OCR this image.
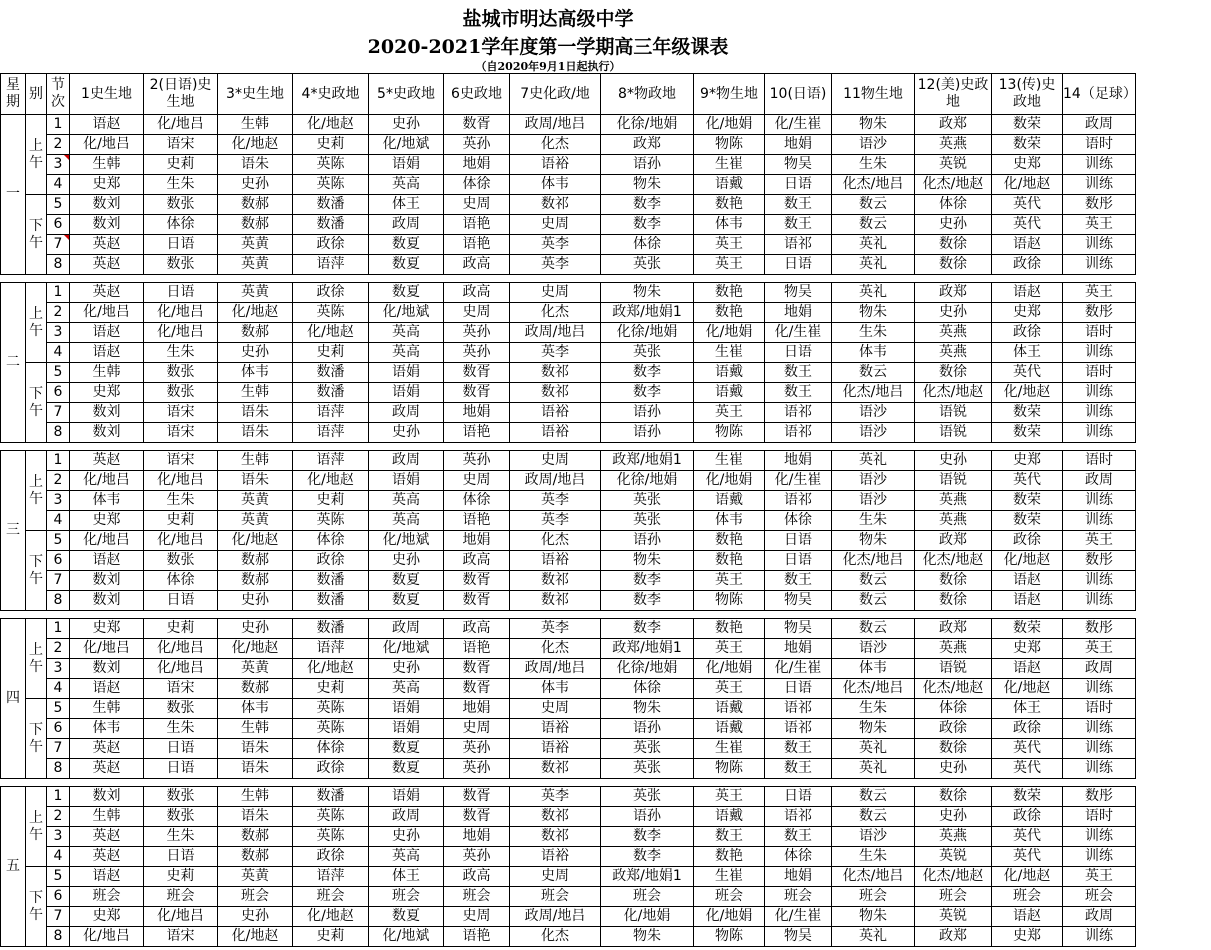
盐城市明达高级中学
2020-2021学年度第一学期高三年级课表
（自2020年9月1日起执行）
星期	别	节次	1史生地	2(日语)史生地	3*史生地	4*史政地	5*史政地	6史政地	7史化政/地	8*物政地	9*物生地	10(日语)	11物生地	12(美)史政地	13(传)史政地	14（足球）
一	上午	1	语赵	化/地吕	生韩	化/地赵	史孙	数胥	政周/地吕	化徐/地娟	化/地娟	化/生崔	物朱	政郑	数荣	政周
		2	化/地吕	语宋	化/地赵	史莉	化/地斌	英孙	化杰	政郑	物陈	地娟	语沙	英燕	数荣	语时
		3	生韩	史莉	语朱	英陈	语娟	地娟	语裕	语孙	生崔	物吴	生朱	英锐	史郑	训练
		4	史郑	生朱	史孙	英陈	英高	体徐	体韦	物朱	语戴	日语	化杰/地吕	化杰/地赵	化/地赵	训练
	下午	5	数刘	数张	数郝	数潘	体王	史周	数祁	数李	数艳	数王	数云	体徐	英代	数彤
		6	数刘	体徐	数郝	数潘	政周	语艳	史周	数李	体韦	数王	数云	史孙	英代	英王
		7	英赵	日语	英黄	政徐	数夏	语艳	英李	体徐	英王	语祁	英礼	数徐	语赵	训练
		8	英赵	数张	英黄	语萍	数夏	政高	英李	英张	英王	日语	英礼	数徐	政徐	训练

二	上午	1	英赵	日语	英黄	政徐	数夏	政高	史周	物朱	数艳	物吴	英礼	政郑	语赵	英王
		2	化/地吕	化/地吕	化/地赵	英陈	化/地斌	史周	化杰	政郑/地娟1	数艳	地娟	物朱	史孙	史郑	数彤
		3	语赵	化/地吕	数郝	化/地赵	英高	英孙	政周/地吕	化徐/地娟	化/地娟	化/生崔	生朱	英燕	政徐	语时
		4	语赵	生朱	史孙	史莉	英高	英孙	英李	英张	生崔	日语	体韦	英燕	体王	训练
	下午	5	生韩	数张	体韦	数潘	语娟	数胥	数祁	数李	语戴	数王	数云	数徐	英代	语时
		6	史郑	数张	生韩	数潘	语娟	数胥	数祁	数李	语戴	数王	化杰/地吕	化杰/地赵	化/地赵	训练
		7	数刘	语宋	语朱	语萍	政周	地娟	语裕	语孙	英王	语祁	语沙	语锐	数荣	训练
		8	数刘	语宋	语朱	语萍	史孙	语艳	语裕	语孙	物陈	语祁	语沙	语锐	数荣	训练

三	上午	1	英赵	语宋	生韩	语萍	政周	英孙	史周	政郑/地娟1	生崔	地娟	英礼	史孙	史郑	语时
		2	化/地吕	化/地吕	语朱	化/地赵	语娟	史周	政周/地吕	化徐/地娟	化/地娟	化/生崔	语沙	语锐	英代	政周
		3	体韦	生朱	英黄	史莉	英高	体徐	英李	英张	语戴	语祁	语沙	英燕	数荣	训练
		4	史郑	史莉	英黄	英陈	英高	语艳	英李	英张	体韦	体徐	生朱	英燕	数荣	训练
	下午	5	化/地吕	化/地吕	化/地赵	体徐	化/地斌	地娟	化杰	语孙	数艳	日语	物朱	政郑	政徐	英王
		6	语赵	数张	数郝	政徐	史孙	政高	语裕	物朱	数艳	日语	化杰/地吕	化杰/地赵	化/地赵	数彤
		7	数刘	体徐	数郝	数潘	数夏	数胥	数祁	数李	英王	数王	数云	数徐	语赵	训练
		8	数刘	日语	史孙	数潘	数夏	数胥	数祁	数李	物陈	物吴	数云	数徐	语赵	训练

四	上午	1	史郑	史莉	史孙	数潘	政周	政高	英李	数李	数艳	物吴	数云	政郑	数荣	数彤
		2	化/地吕	化/地吕	化/地赵	语萍	化/地斌	语艳	化杰	政郑/地娟1	英王	地娟	语沙	英燕	史郑	英王
		3	数刘	化/地吕	英黄	化/地赵	史孙	数胥	政周/地吕	化徐/地娟	化/地娟	化/生崔	体韦	语锐	语赵	政周
		4	语赵	语宋	数郝	史莉	英高	数胥	体韦	体徐	英王	日语	化杰/地吕	化杰/地赵	化/地赵	训练
	下午	5	生韩	数张	体韦	英陈	语娟	地娟	史周	物朱	语戴	语祁	生朱	体徐	体王	语时
		6	体韦	生朱	生韩	英陈	语娟	史周	语裕	语孙	语戴	语祁	物朱	政徐	政徐	训练
		7	英赵	日语	语朱	体徐	数夏	英孙	语裕	英张	生崔	数王	英礼	数徐	英代	训练
		8	英赵	日语	语朱	政徐	数夏	英孙	数祁	英张	物陈	数王	英礼	史孙	英代	训练

五	上午	1	数刘	数张	生韩	数潘	语娟	数胥	英李	英张	英王	日语	数云	数徐	数荣	数彤
		2	生韩	数张	语朱	英陈	政周	数胥	数祁	语孙	语戴	语祁	数云	史孙	政徐	语时
		3	英赵	生朱	数郝	英陈	史孙	地娟	数祁	数李	数王	数王	语沙	英燕	英代	训练
		4	英赵	日语	数郝	政徐	英高	英孙	语裕	数李	数艳	体徐	生朱	英锐	英代	训练
	下午	5	语赵	史莉	英黄	语萍	体王	政高	史周	政郑/地娟1	生崔	地娟	化杰/地吕	化杰/地赵	化/地赵	英王
		6	班会	班会	班会	班会	班会	班会	班会	班会	班会	班会	班会	班会	班会	班会
		7	史郑	化/地吕	史孙	化/地赵	数夏	史周	政周/地吕	化/地娟	化/地娟	化/生崔	物朱	英锐	语赵	政周
		8	化/地吕	语宋	化/地赵	史莉	化/地斌	语艳	化杰	物朱	物陈	物吴	英礼	政郑	史郑	训练
